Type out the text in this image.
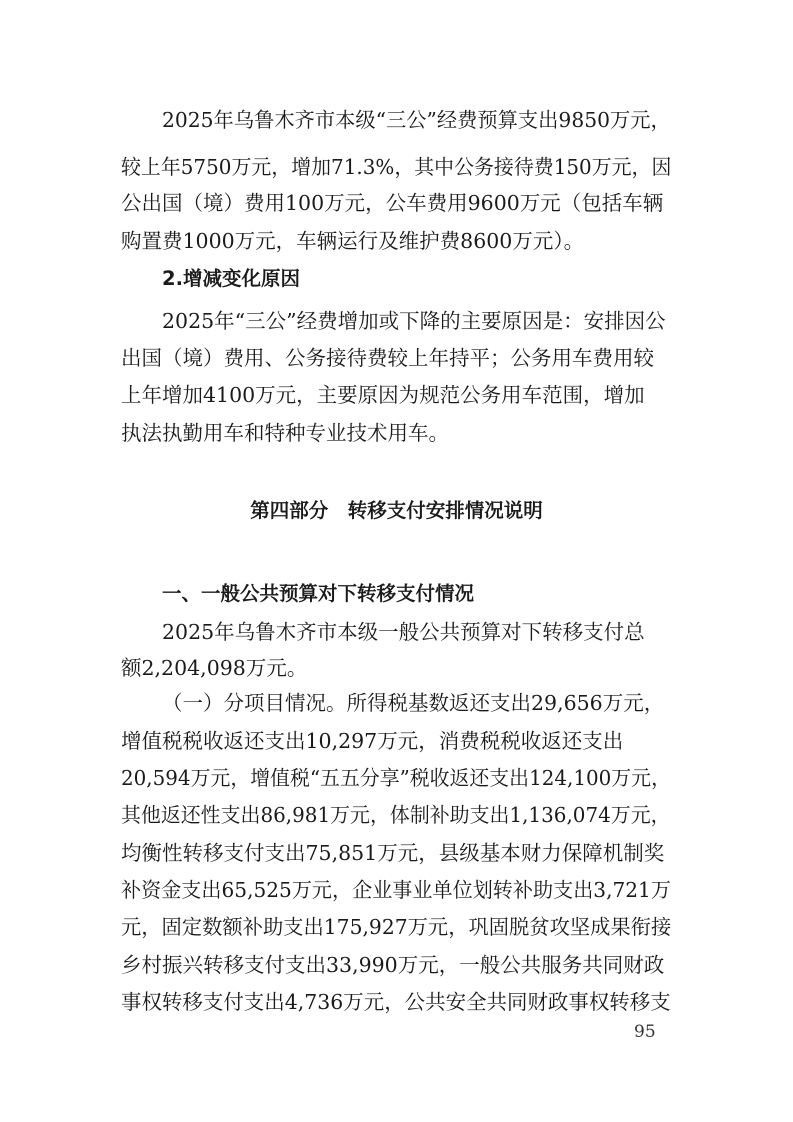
2025年乌鲁木齐市本级“三公”经费预算支出9850万元，

较上年5750万元，增加71.3%，其中公务接待费150万元，因

公出国（境）费用100万元，公车费用9600万元（包括车辆

购置费1000万元，车辆运行及维护费8600万元）。

2.增减变化原因

2025年“三公”经费增加或下降的主要原因是：安排因公

出国（境）费用、公务接待费较上年持平；公务用车费用较

上年增加4100万元，主要原因为规范公务用车范围，增加

执法执勤用车和特种专业技术用车。

第四部分　转移支付安排情况说明

一、一般公共预算对下转移支付情况

2025年乌鲁木齐市本级一般公共预算对下转移支付总

额2,204,098万元。

（一）分项目情况。所得税基数返还支出29,656万元，

增值税税收返还支出10,297万元，消费税税收返还支出

20,594万元，增值税“五五分享”税收返还支出124,100万元，

其他返还性支出86,981万元，体制补助支出1,136,074万元，

均衡性转移支付支出75,851万元，县级基本财力保障机制奖

补资金支出65,525万元，企业事业单位划转补助支出3,721万

元，固定数额补助支出175,927万元，巩固脱贫攻坚成果衔接

乡村振兴转移支付支出33,990万元，一般公共服务共同财政

事权转移支付支出4,736万元，公共安全共同财政事权转移支

95
